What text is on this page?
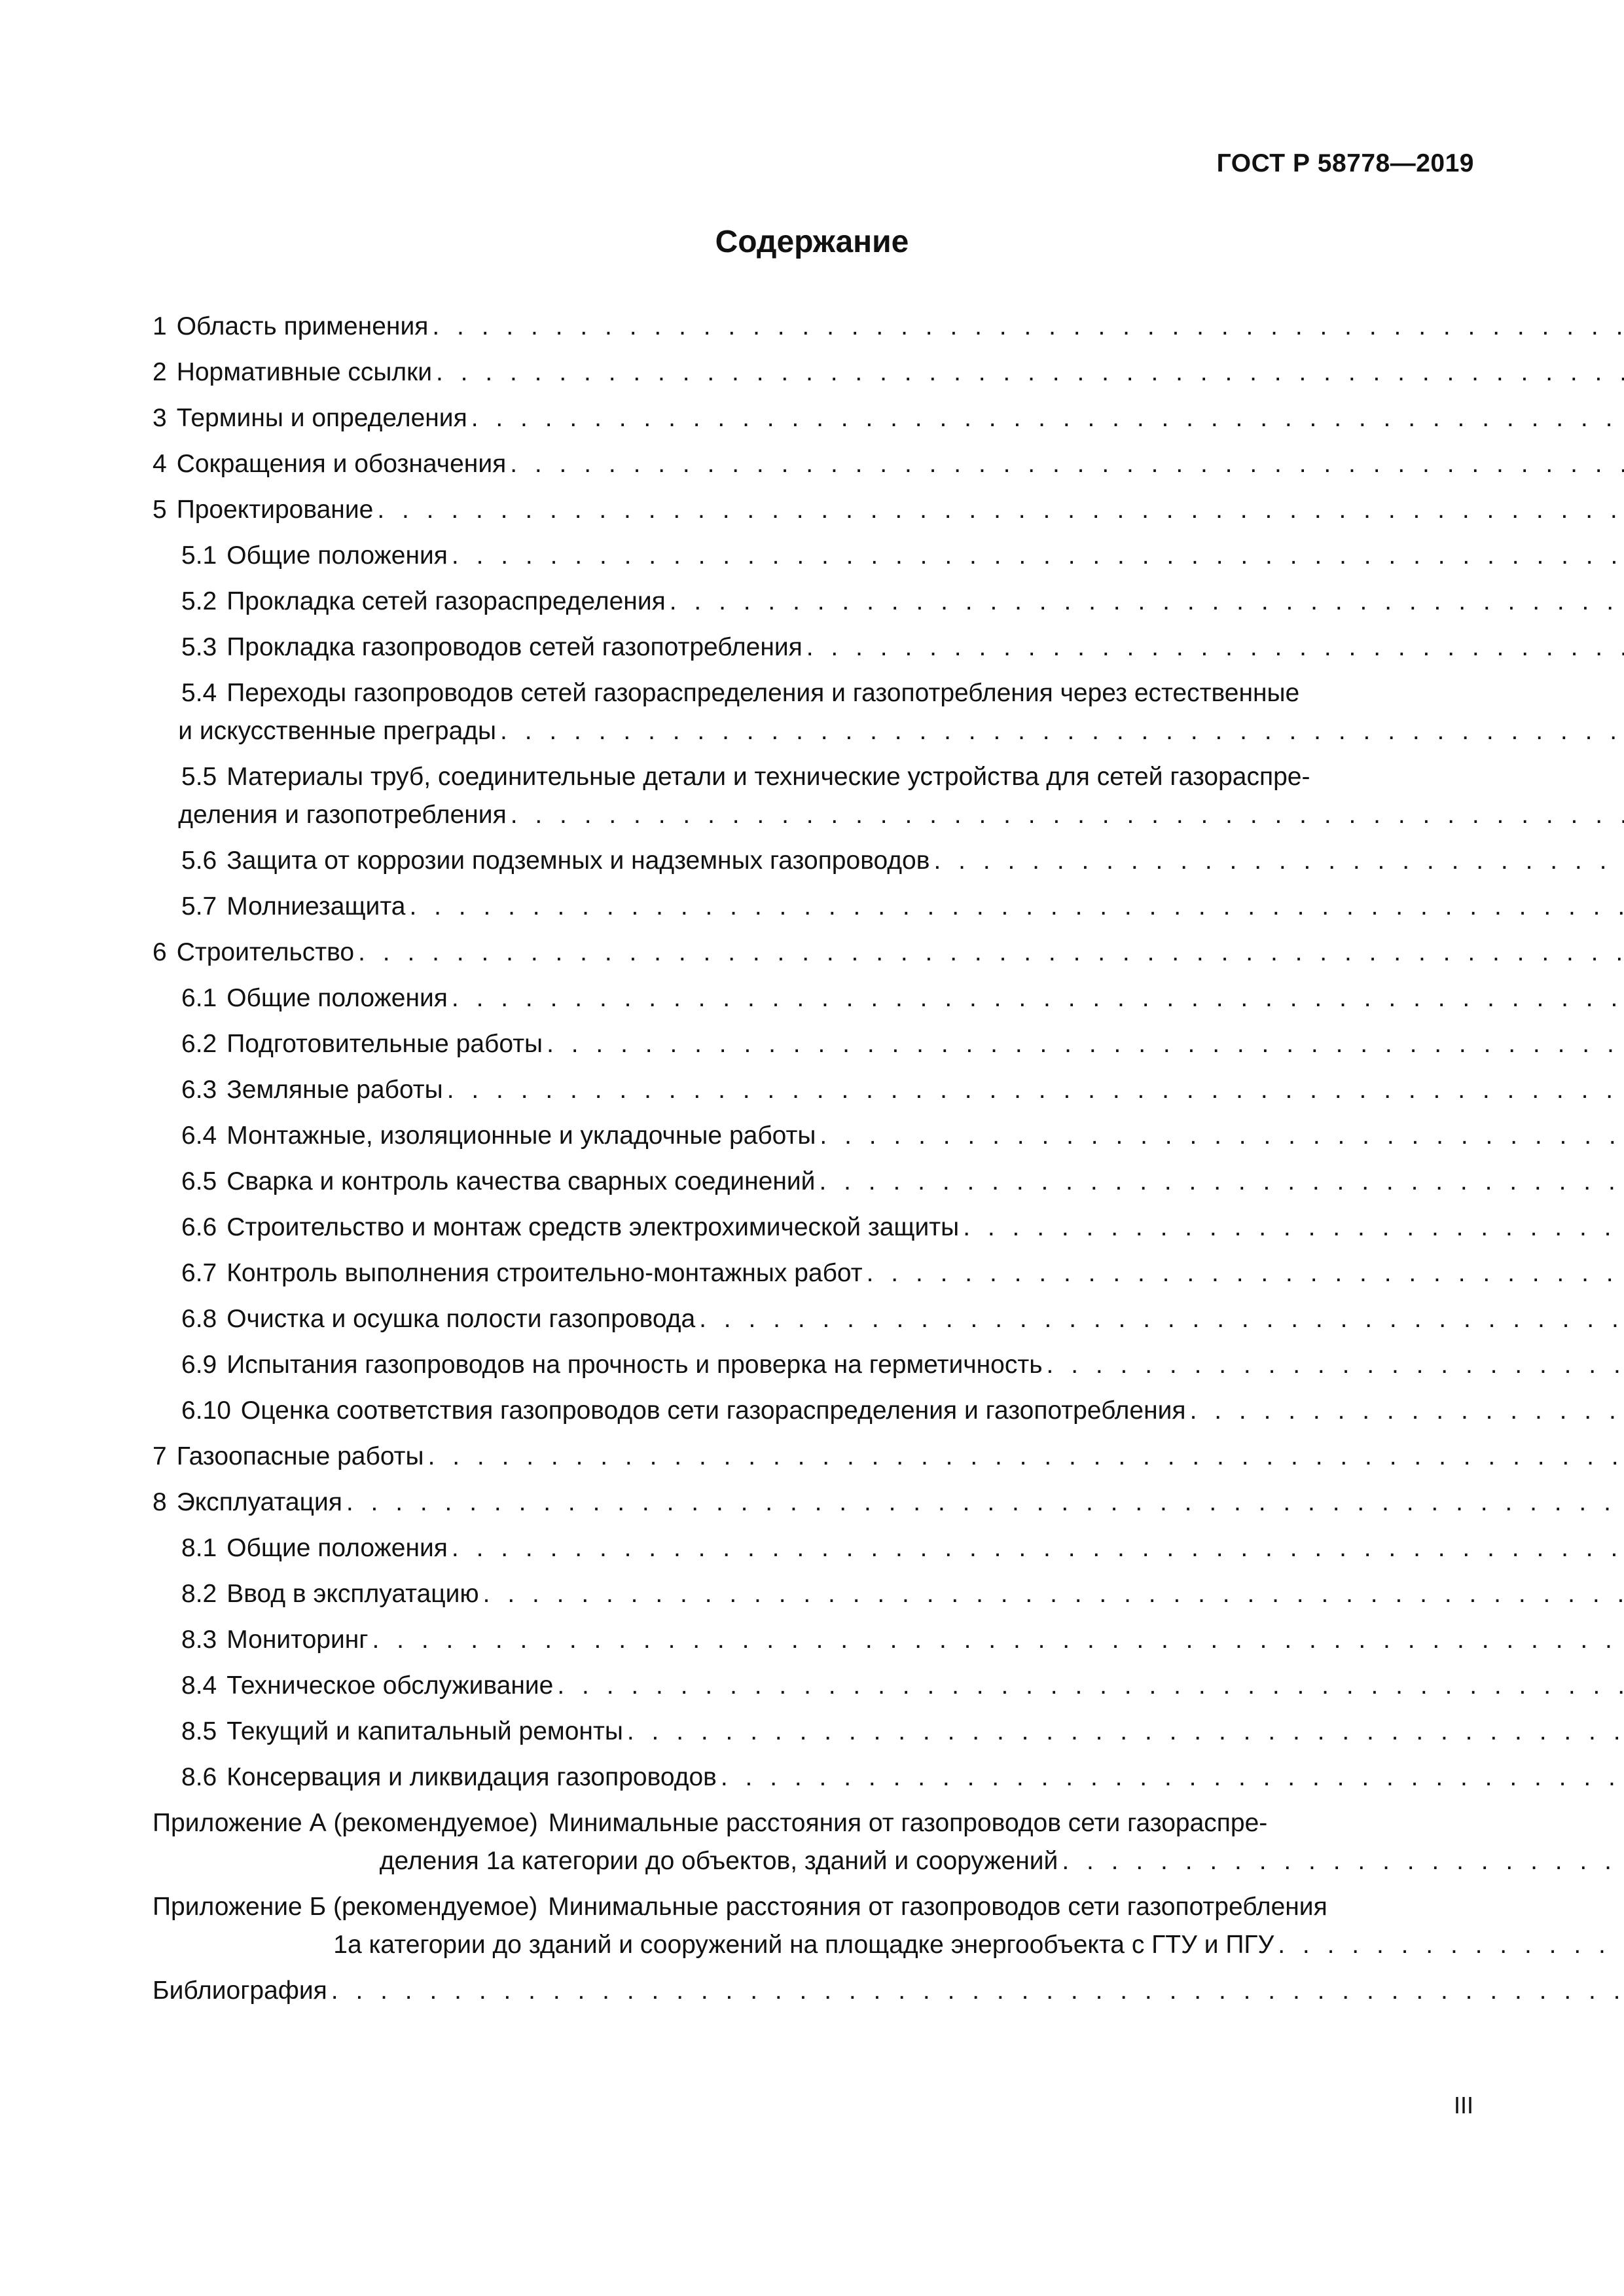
ГОСТ Р 58778—2019
Содержание
1 Область применения
. . .
2 Нормативные ссылки
. . .
3 Термины и определения
. . .
4 Сокращения и обозначения
. . .
5 Проектирование
. . .
5.1 Общие положения
. . .
5.2 Прокладка сетей газораспределения
. . .
5.3 Прокладка газопроводов сетей газопотребления
. . .
5.4 Переходы газопроводов сетей газораспределения и газопотребления через естественные
и искусственные преграды
. . .
5.5 Материалы труб, соединительные детали и технические устройства для сетей газораспре-
деления и газопотребления
. . .
5.6 Защита от коррозии подземных и надземных газопроводов
. . .
5.7 Молниезащита
. . .
6 Строительство
. . .
6.1 Общие положения
. . .
6.2 Подготовительные работы
. . .
6.3 Земляные работы
. . .
6.4 Монтажные, изоляционные и укладочные работы
. . .
6.5 Сварка и контроль качества сварных соединений
. . .
6.6 Строительство и монтаж средств электрохимической защиты
. . .
6.7 Контроль выполнения строительно-монтажных работ
. . .
6.8 Очистка и осушка полости газопровода
. . .
6.9 Испытания газопроводов на прочность и проверка на герметичность
. . .
6.10 Оценка соответствия газопроводов сети газораспределения и газопотребления
. . .
7 Газоопасные работы
. . .
8 Эксплуатация
. . .
8.1 Общие положения
. . .
8.2 Ввод в эксплуатацию
. . .
8.3 Мониторинг
. . .
8.4 Техническое обслуживание
. . .
8.5 Текущий и капитальный ремонты
. . .
8.6 Консервация и ликвидация газопроводов
. . .
Приложение А (рекомендуемое) Минимальные расстояния от газопроводов сети газораспре-
деления 1а категории до объектов, зданий и сооружений
. . .
Приложение Б (рекомендуемое) Минимальные расстояния от газопроводов сети газопотребления
1а категории до зданий и сооружений на площадке энергообъекта с ГТУ и ПГУ
. . .
Библиография
. . .
III
